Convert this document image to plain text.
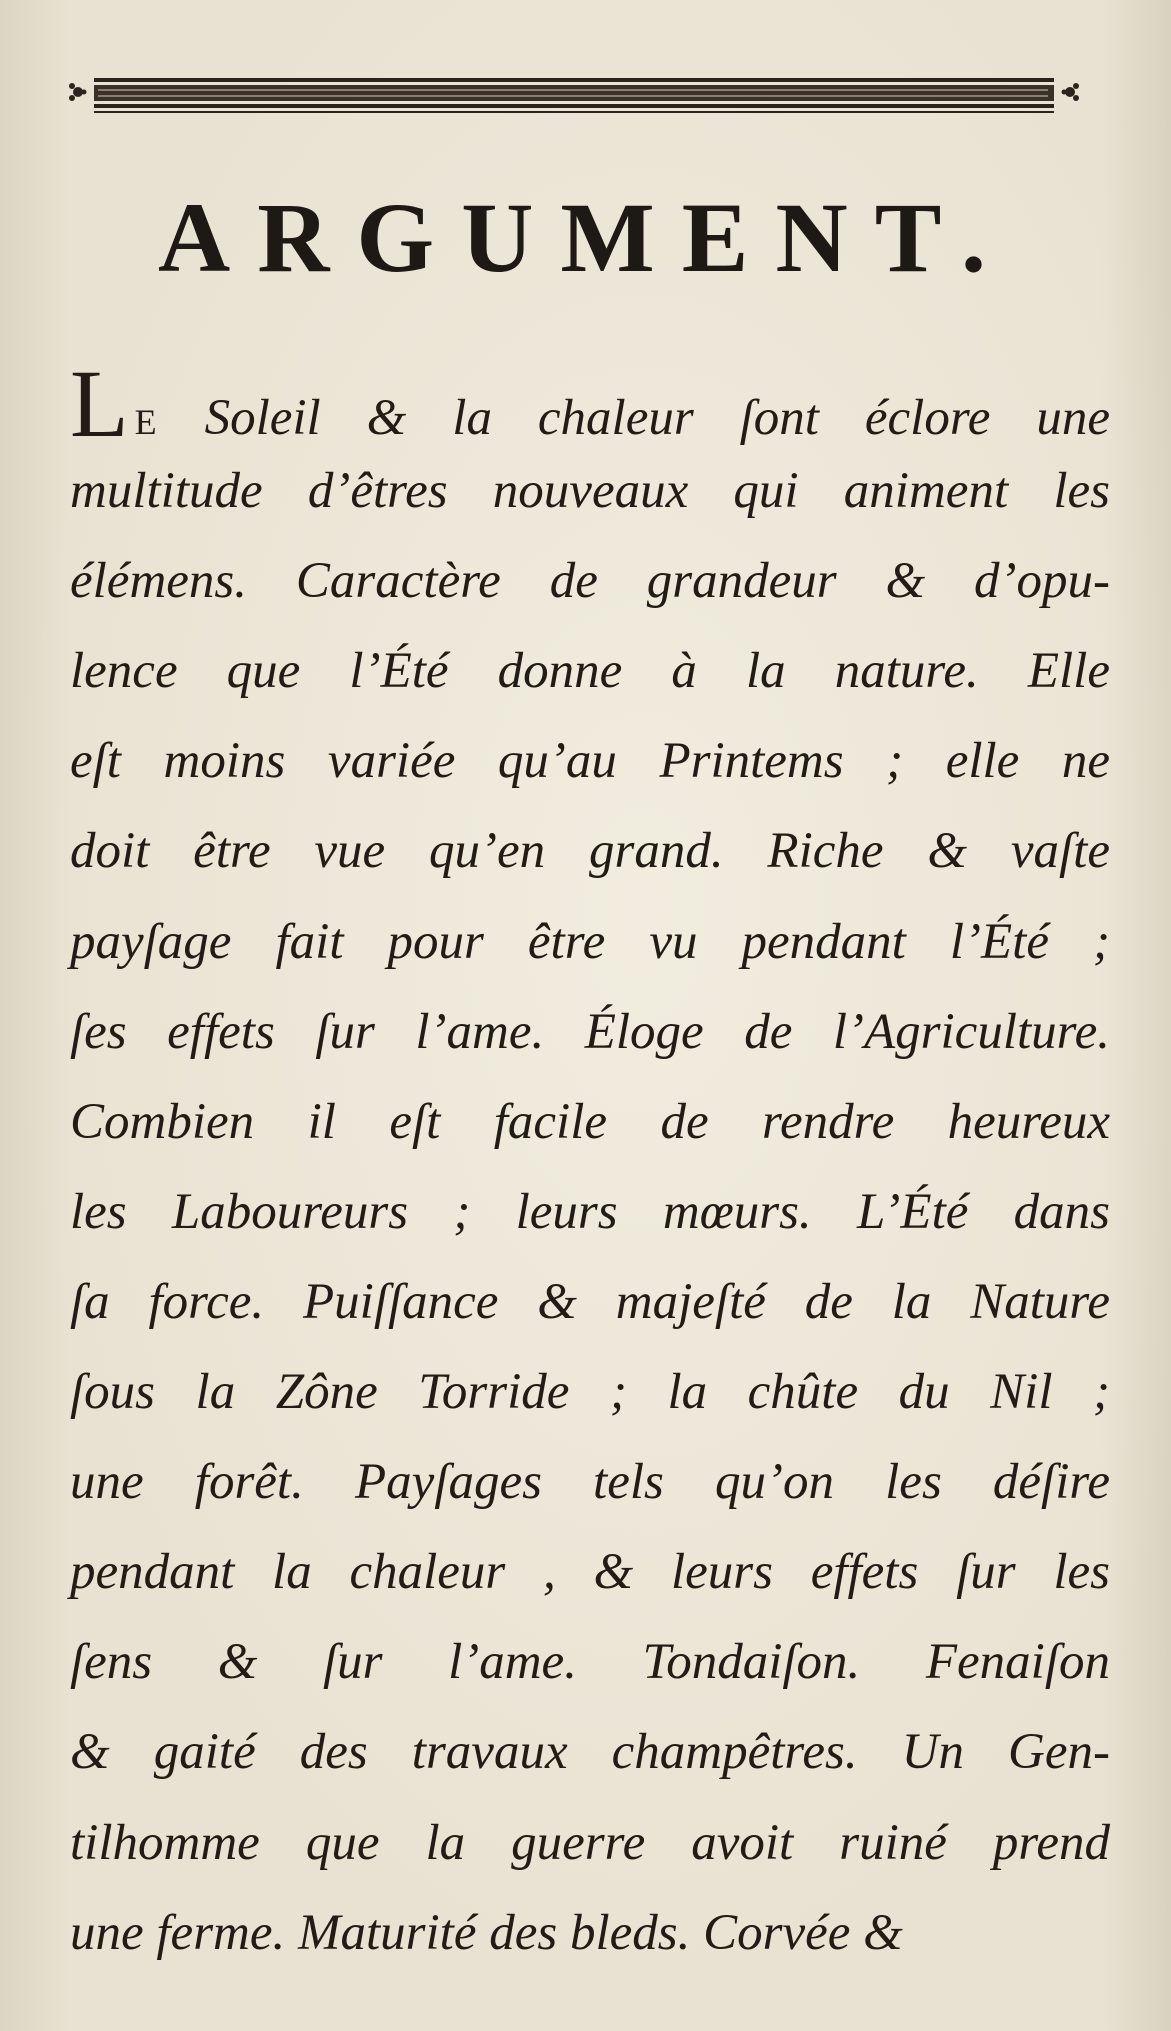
ARGUMENT.
L E Soleil & la chaleur ſont éclore une
multitude d’êtres nouveaux qui animent les
élémens. Caractère de grandeur & d’opu-
lence que l’Été donne à la nature. Elle
eſt moins variée qu’au Printems ; elle ne
doit être vue qu’en grand. Riche & vaſte
payſage fait pour être vu pendant l’Été ;
ſes effets ſur l’ame. Éloge de l’Agriculture.
Combien il eſt facile de rendre heureux
les Laboureurs ; leurs mœurs. L’Été dans
ſa force. Puiſſance & majeſté de la Nature
ſous la Zône Torride ; la chûte du Nil ;
une forêt. Payſages tels qu’on les déſire
pendant la chaleur , & leurs effets ſur les
ſens & ſur l’ame. Tondaiſon. Fenaiſon
& gaité des travaux champêtres. Un Gen-
tilhomme que la guerre avoit ruiné prend
une ferme. Maturité des bleds. Corvée &
